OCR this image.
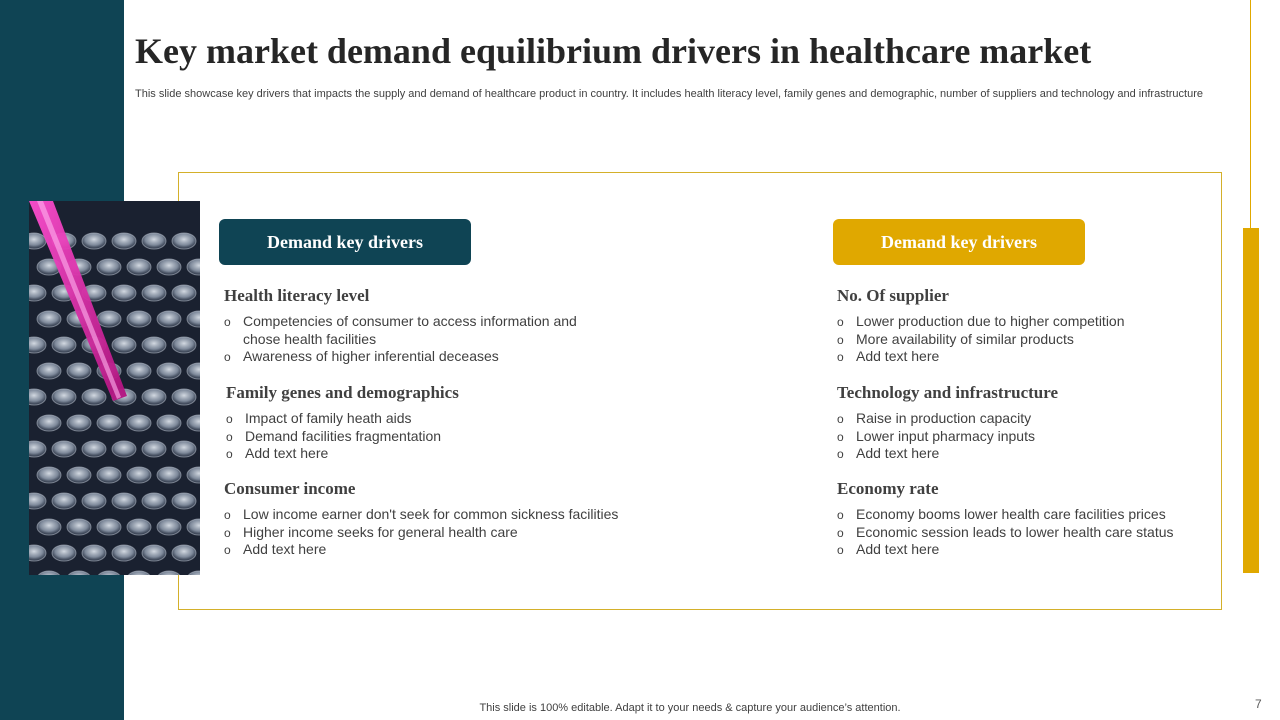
Key market demand equilibrium drivers in healthcare market

This slide showcase key drivers that impacts the supply and demand of healthcare product in country. It includes health literacy level, family genes and demographic, number of suppliers and technology and infrastructure

Demand key drivers	Demand key drivers
Health literacy level
o Competencies of consumer to access information and chose health facilities
o Awareness of higher inferential deceases
Family genes and demographics
o Impact of family heath aids
o Demand facilities fragmentation
o Add text here
Consumer income
o Low income earner don't seek for common sickness facilities
o Higher income seeks for general health care
o Add text here
No. Of supplier
o Lower production due to higher competition
o More availability of similar products
o Add text here
Technology and infrastructure
o Raise in production capacity
o Lower input pharmacy inputs
o Add text here
Economy rate
o Economy booms lower health care facilities prices
o Economic session leads to lower health care status
o Add text here
This slide is 100% editable. Adapt it to your needs & capture your audience’s attention.	7
